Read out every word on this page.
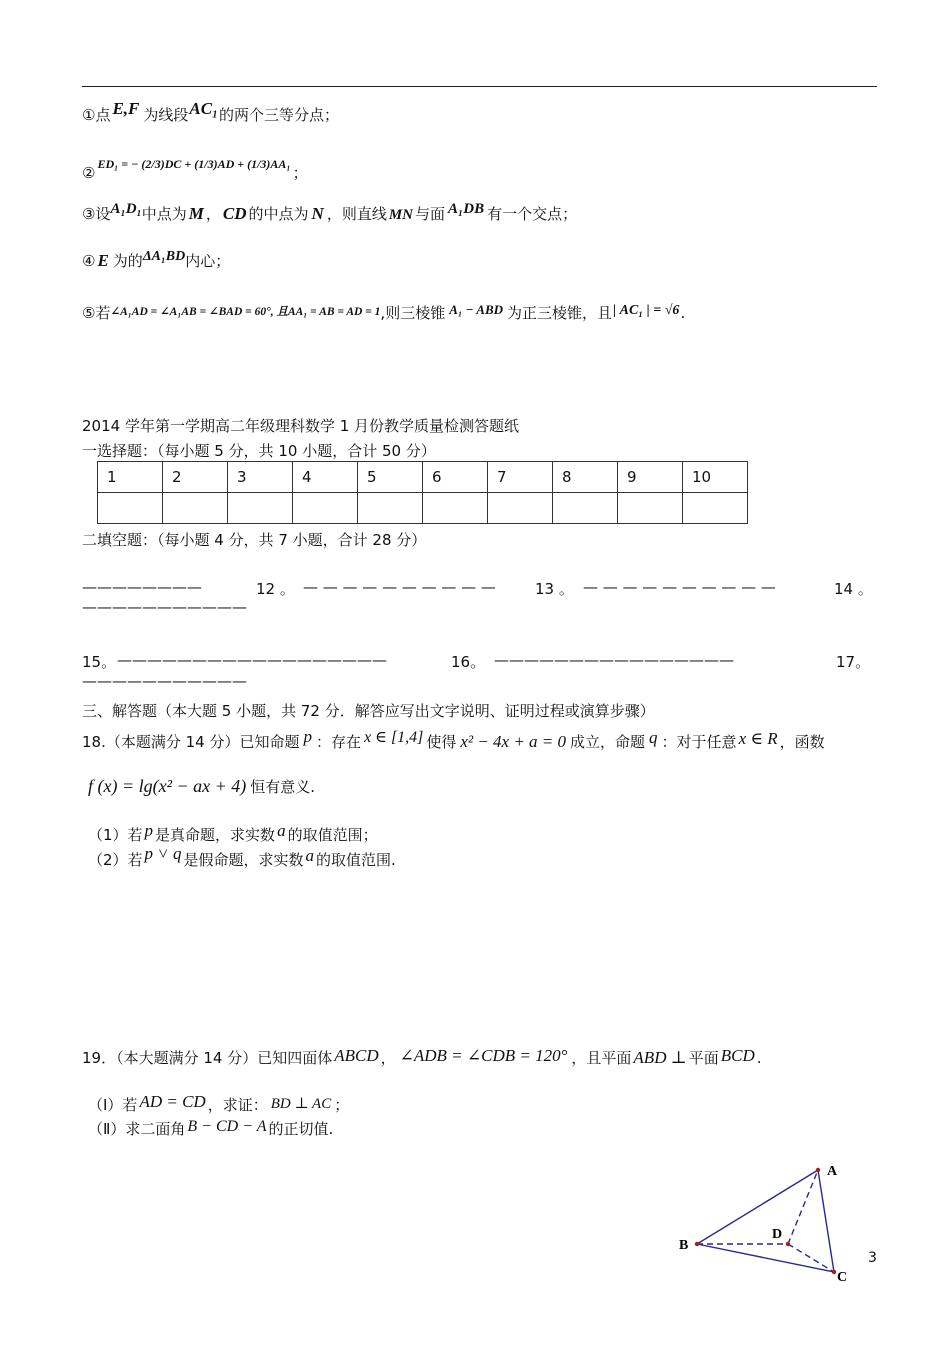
①点 E,F 为线段AC₁的两个三等分点；
② $^{ED_1 = - (2/3)DC + (1/3)AD + (1/3)AA_1}$ ；
③设A₁D₁中点为 M ， CD 的中点为 N ，则直线 MN 与面 A₁DB 有一个交点；
④ E 为的ΔA₁BD内心；
⑤若$^{\angle A_1AD = \angle A_1AB = \angle BAD = 60^\circ, 且AA_1 = AB = AD = 1}$,则三棱锥 A₁ − ABD 为正三棱锥，且| AC₁ | = √6.
2014 学年第一学期高二年级理科数学 1 月份教学质量检测答题纸
一选择题：（每小题 5 分，共 10 小题，合计 50 分）
1	2	3	4	5	6	7	8	9	10

二填空题：（每小题 4 分，共 7 小题，合计 28 分）
————————	12 。 — — — — — — — — — —	13 。 — — — — — — — — — —	14 。
———————————
15。 ——————————————————	16。 ————————————————	17。
———————————
三、解答题（本大题 5 小题，共 72 分．解答应写出文字说明、证明过程或演算步骤）
18.（本题满分 14 分）已知命题 p ：存在 x ∈ [1,4] 使得 x² − 4x + a = 0 成立，命题 q ：对于任意 x ∈ R ，函数
f (x) = lg(x² − ax + 4) 恒有意义.
（1）若 p 是真命题，求实数 a 的取值范围；
（2）若 p ˅ q 是假命题，求实数 a 的取值范围.
19．（本大题满分 14 分）已知四面体 ABCD ， ∠ADB = ∠CDB = 120° ，且平面 ABD ⊥ 平面 BCD .
（Ⅰ）若 AD = CD ，求证： BD ⊥ AC ；
（Ⅱ）求二面角 B − CD − A 的正切值.
A
B
C
D
3
